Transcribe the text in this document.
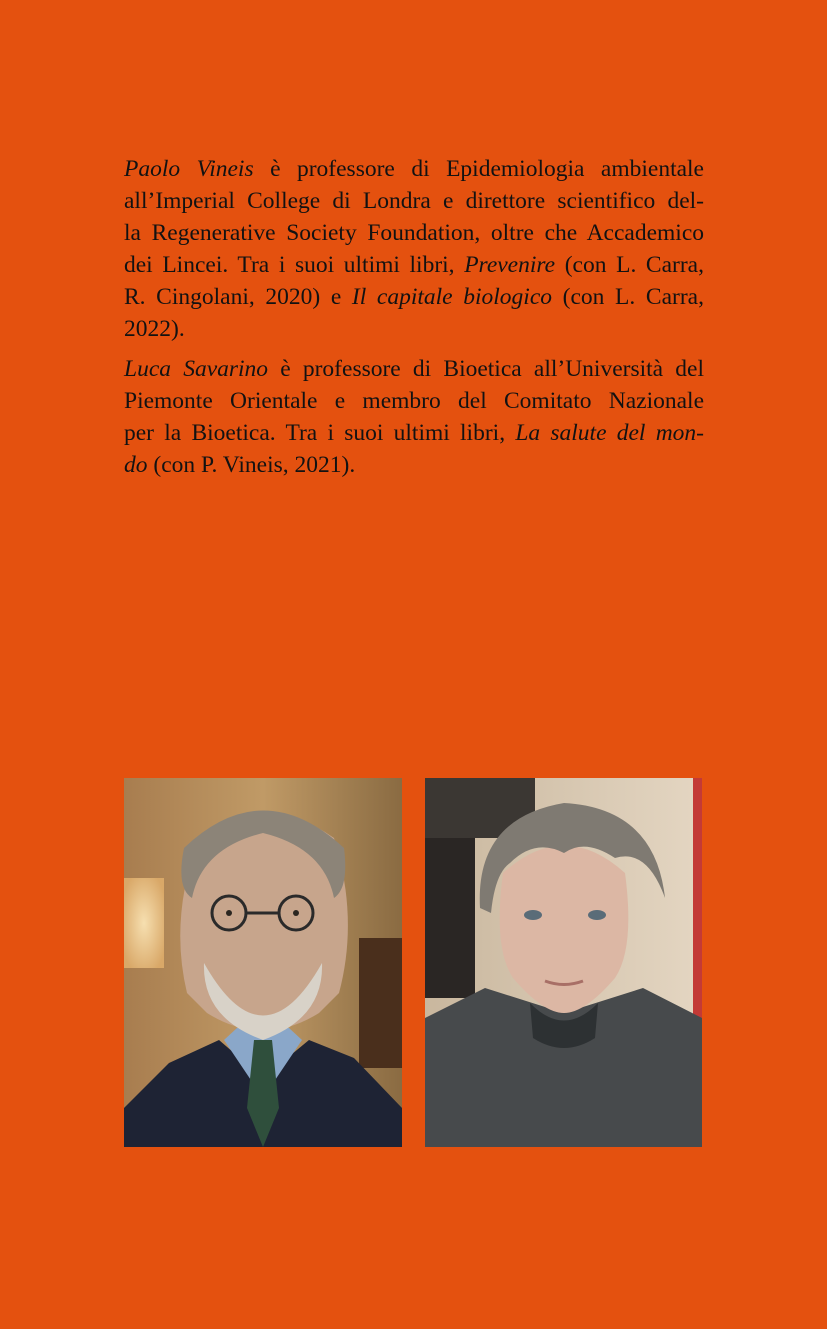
Paolo Vineis è professore di Epidemiologia ambientale
all’Imperial College di Londra e direttore scientifico del-
la Regenerative Society Foundation, oltre che Accademico
dei Lincei. Tra i suoi ultimi libri, Prevenire (con L. Carra,
R. Cingolani, 2020) e Il capitale biologico (con L. Carra,
2022).
Luca Savarino è professore di Bioetica all’Università del
Piemonte Orientale e membro del Comitato Nazionale
per la Bioetica. Tra i suoi ultimi libri, La salute del mon-
do (con P. Vineis, 2021).
